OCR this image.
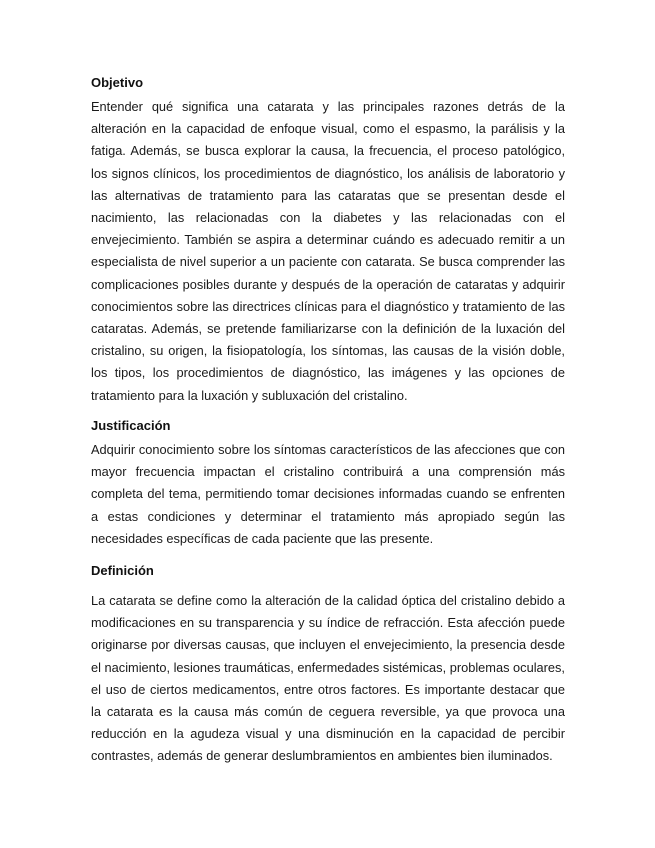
Objetivo

Entender qué significa una catarata y las principales razones detrás de la alteración en la capacidad de enfoque visual, como el espasmo, la parálisis y la fatiga. Además, se busca explorar la causa, la frecuencia, el proceso patológico, los signos clínicos, los procedimientos de diagnóstico, los análisis de laboratorio y las alternativas de tratamiento para las cataratas que se presentan desde el nacimiento, las relacionadas con la diabetes y las relacionadas con el envejecimiento. También se aspira a determinar cuándo es adecuado remitir a un especialista de nivel superior a un paciente con catarata. Se busca comprender las complicaciones posibles durante y después de la operación de cataratas y adquirir conocimientos sobre las directrices clínicas para el diagnóstico y tratamiento de las cataratas. Además, se pretende familiarizarse con la definición de la luxación del cristalino, su origen, la fisiopatología, los síntomas, las causas de la visión doble, los tipos, los procedimientos de diagnóstico, las imágenes y las opciones de tratamiento para la luxación y subluxación del cristalino.

Justificación

Adquirir conocimiento sobre los síntomas característicos de las afecciones que con mayor frecuencia impactan el cristalino contribuirá a una comprensión más completa del tema, permitiendo tomar decisiones informadas cuando se enfrenten a estas condiciones y determinar el tratamiento más apropiado según las necesidades específicas de cada paciente que las presente.

Definición

La catarata se define como la alteración de la calidad óptica del cristalino debido a modificaciones en su transparencia y su índice de refracción. Esta afección puede originarse por diversas causas, que incluyen el envejecimiento, la presencia desde el nacimiento, lesiones traumáticas, enfermedades sistémicas, problemas oculares, el uso de ciertos medicamentos, entre otros factores. Es importante destacar que la catarata es la causa más común de ceguera reversible, ya que provoca una reducción en la agudeza visual y una disminución en la capacidad de percibir contrastes, además de generar deslumbramientos en ambientes bien iluminados.
